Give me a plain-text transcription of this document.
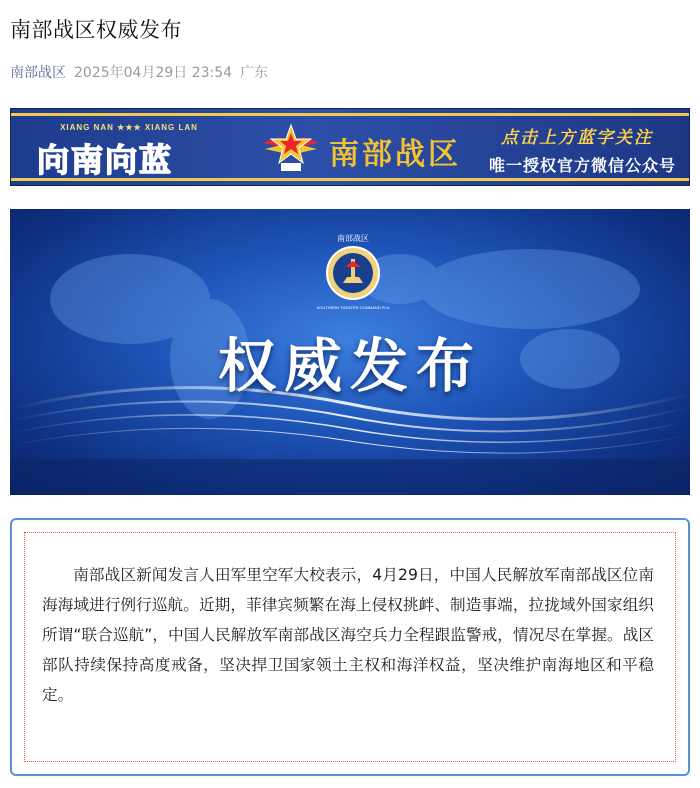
南部战区权威发布
南部战区 2025年04月29日 23:54 广东
XIANG NAN ★★★ XIANG LAN
向南向蓝	南部战区 点击上方蓝字关注
唯一授权官方微信公众号
南部战区
SOUTHERN THEATER COMMAND PLA
权威发布
南部战区新闻发言人田军里空军大校表示，4月29日，中国人民解放军南部战区位南海海域进行例行巡航。近期，菲律宾频繁在海上侵权挑衅、制造事端，拉拢域外国家组织所谓“联合巡航”，中国人民解放军南部战区海空兵力全程跟监警戒，情况尽在掌握。战区部队持续保持高度戒备，坚决捍卫国家领土主权和海洋权益，坚决维护南海地区和平稳定。
